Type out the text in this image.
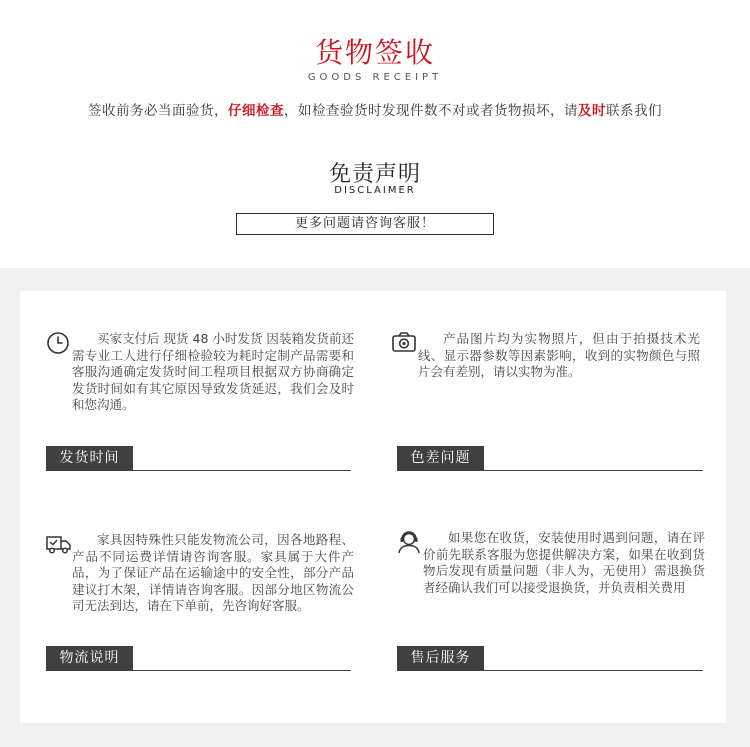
货物签收
GOODS RECEIPT
签收前务必当面验货，仔细检查，如检查验货时发现件数不对或者货物损坏，请及时联系我们
免责声明
DISCLAIMER
更多问题请咨询客服！
买家支付后 现货 48 小时发货 因装箱发货前还需专业工人进行仔细检验较为耗时定制产品需要和客服沟通确定发货时间工程项目根据双方协商确定发货时间如有其它原因导致发货延迟，我们会及时和您沟通。
发货时间
产品图片均为实物照片，但由于拍摄技术光线、显示器参数等因素影响，收到的实物颜色与照片会有差别，请以实物为准。
色差问题
家具因特殊性只能发物流公司，因各地路程、产品不同运费详情请咨询客服。家具属于大件产品，为了保证产品在运输途中的安全性，部分产品建议打木架，详情请咨询客服。因部分地区物流公司无法到达，请在下单前，先咨询好客服。
物流说明
如果您在收货，安装使用时遇到问题，请在评价前先联系客服为您提供解决方案，如果在收到货物后发现有质量问题（非人为，无使用）需退换货者经确认我们可以接受退换货，并负责相关费用
售后服务
